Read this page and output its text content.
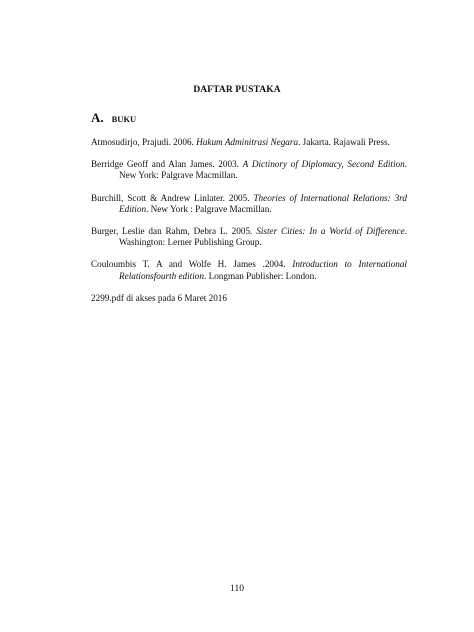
DAFTAR PUSTAKA
A. BUKU

Atmosudirjo, Prajudi. 2006. Hukum Adminitrasi Negara. Jakarta. Rajawali Press.

Berridge Geoff and Alan James. 2003. A Dictinory of Diplomacy, Second Edition. New York: Palgrave Macmillan.

Burchill, Scott & Andrew Linlater. 2005. Theories of International Relations: 3rd Edition. New York : Palgrave Macmillan.

Burger, Leslie dan Rahm, Debra L. 2005. Sister Cities: In a World of Difference. Washington: Lerner Publishing Group.

Couloumbis T. A and Wolfe H. James .2004. Introduction to International Relationsfourth edition. Longman Publisher: London.

2299.pdf di akses pada 6 Maret 2016

110
